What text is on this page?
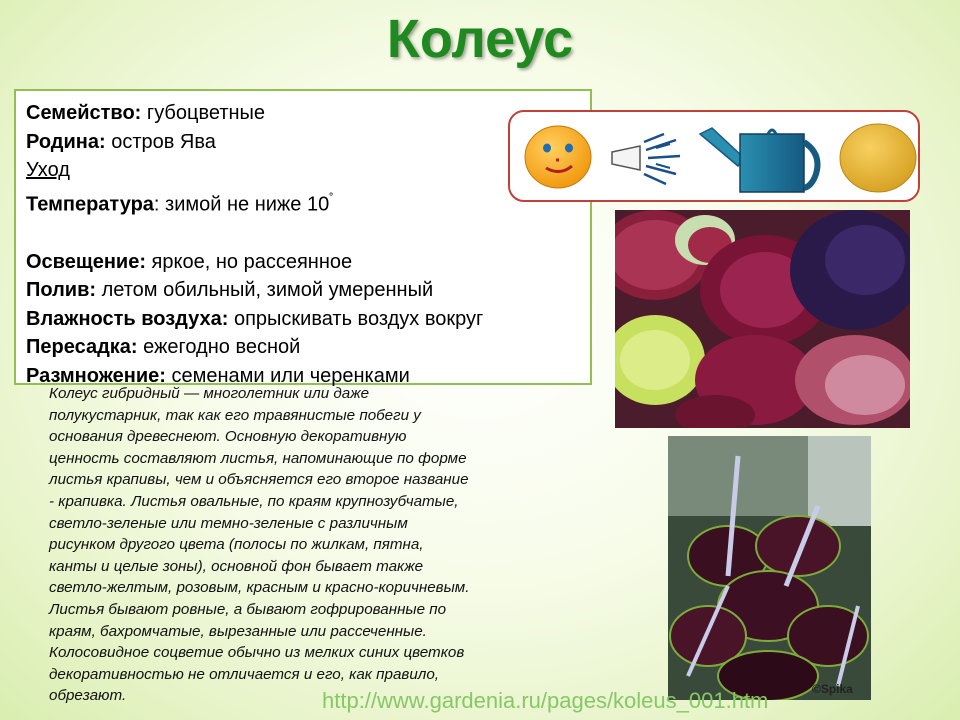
Колеус
Семейство: губоцветные
Родина: остров Ява
Уход
Температура: зимой не ниже 10˚
Освещение: яркое, но рассеянное
Полив: летом обильный, зимой умеренный
Влажность воздуха: опрыскивать воздух вокруг
Пересадка: ежегодно весной
Размножение: семенами или черенками
Колеус гибридный — многолетник или даже
полукустарник, так как его травянистые побеги у
основания древеснеют. Основную декоративную
ценность составляют листья, напоминающие по форме
листья крапивы, чем и объясняется его второе название
- крапивка. Листья овальные, по краям крупнозубчатые,
светло-зеленые или темно-зеленые с различным
рисунком другого цвета (полосы по жилкам, пятна,
канты и целые зоны), основной фон бывает также
светло-желтым, розовым, красным и красно-коричневым.
Листья бывают ровные, а бывают гофрированные по
краям, бахромчатые, вырезанные или рассеченные.
Колосовидное соцветие обычно из мелких синих цветков
декоративностью не отличается и его, как правило,
обрезают.	http://www.gardenia.ru/pages/koleus_001.htm	©Spika
